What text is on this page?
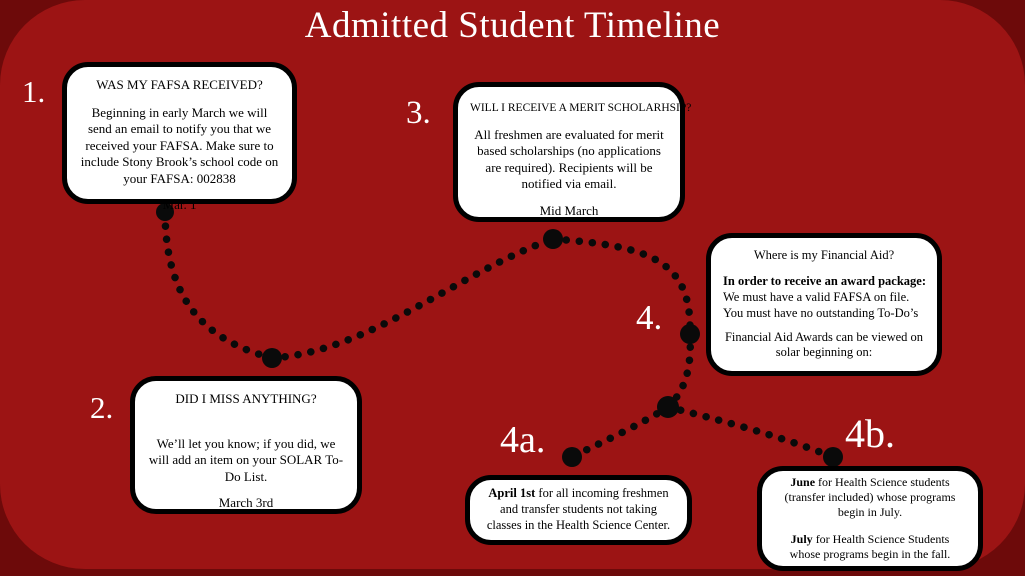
Admitted Student Timeline
1.
2.
3.
4.
4a.	4b.
WAS MY FAFSA RECEIVED?
Beginning in early March we will send an email to notify you that we received your FAFSA. Make sure to include Stony Brook’s school code on your FAFSA: 002838
Mar. 1
WILL I RECEIVE A MERIT SCHOLARHSIP?
All freshmen are evaluated for merit based scholarships (no applications are required). Recipients will be notified via email.
Mid March
Where is my Financial Aid?
In order to receive an award package:
We must have a valid FAFSA on file.
You must have no outstanding To-Do’s
Financial Aid Awards can be viewed on solar beginning on:
DID I MISS ANYTHING?
We’ll let you know; if you did, we will add an item on your SOLAR To-Do List.
March 3rd
April 1st for all incoming freshmen and transfer students not taking classes in the Health Science Center.
June for Health Science students (transfer included) whose programs begin in July.
July for Health Science Students whose programs begin in the fall.
